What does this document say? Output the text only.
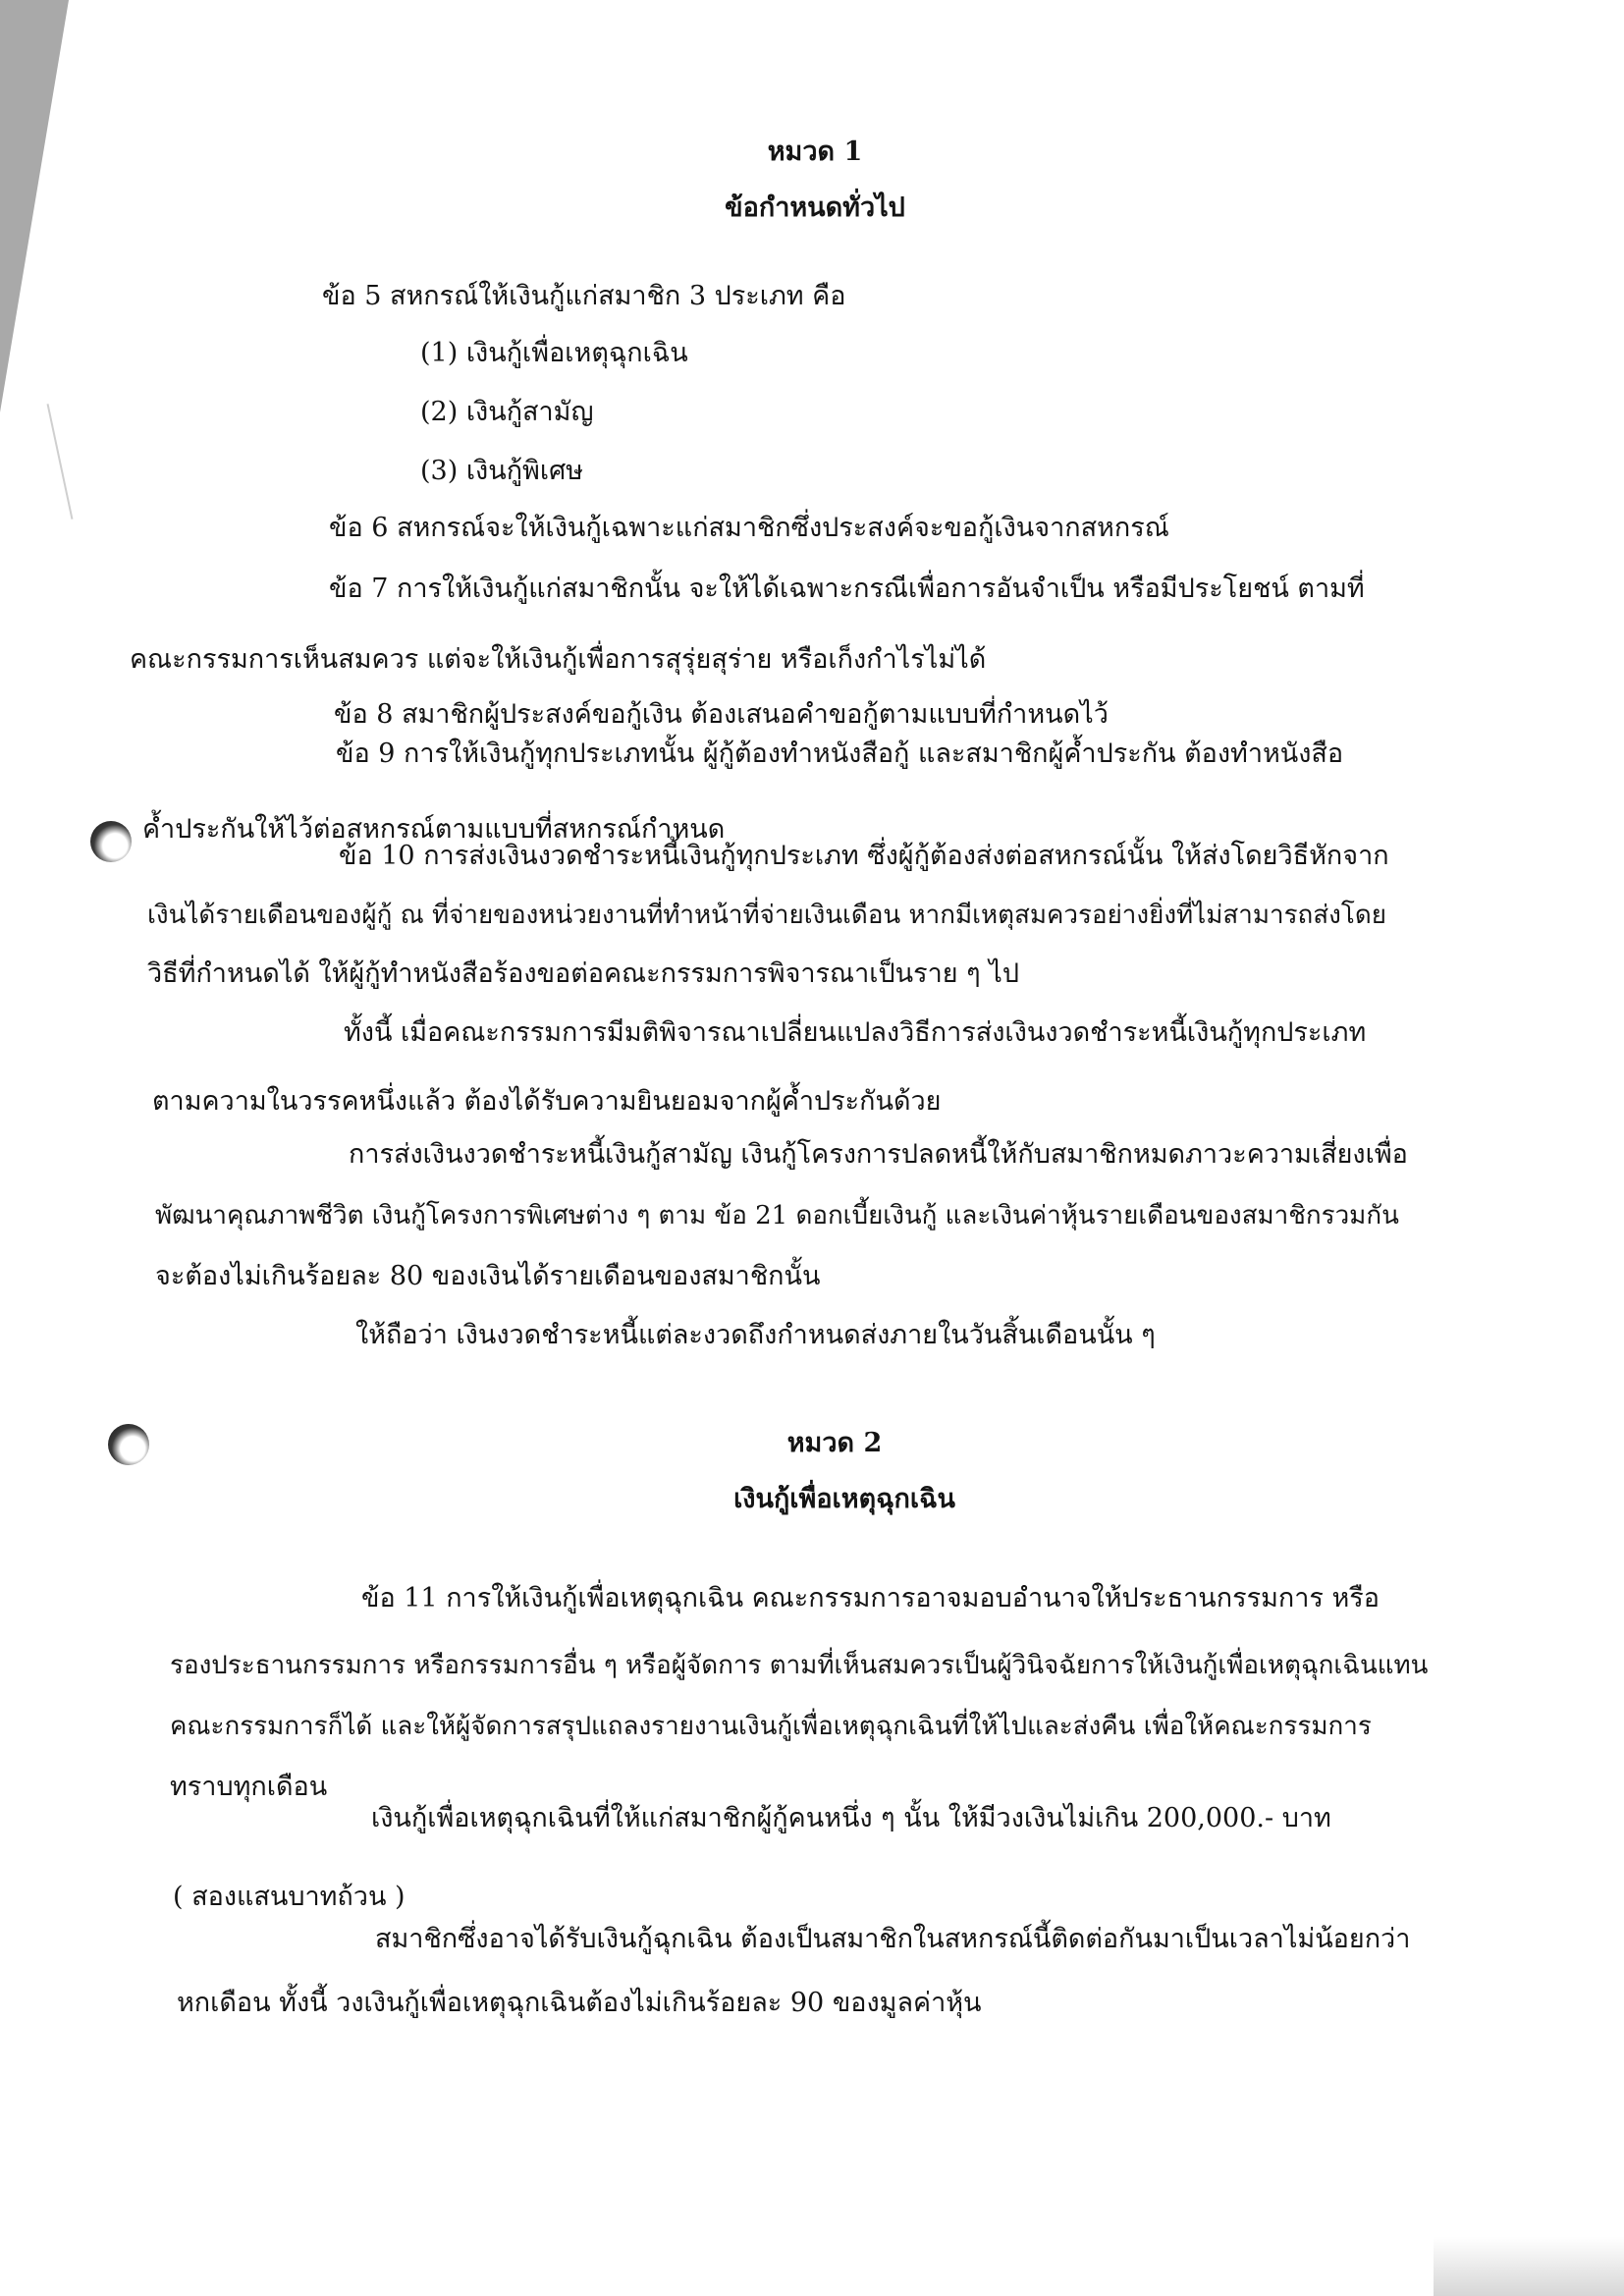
หมวด 1
ข้อกำหนดทั่วไป
ข้อ 5 สหกรณ์ให้เงินกู้แก่สมาชิก 3 ประเภท คือ
(1) เงินกู้เพื่อเหตุฉุกเฉิน
(2) เงินกู้สามัญ
(3) เงินกู้พิเศษ
ข้อ 6 สหกรณ์จะให้เงินกู้เฉพาะแก่สมาชิกซึ่งประสงค์จะขอกู้เงินจากสหกรณ์
ข้อ 7 การให้เงินกู้แก่สมาชิกนั้น จะให้ได้เฉพาะกรณีเพื่อการอันจำเป็น หรือมีประโยชน์ ตามที่
คณะกรรมการเห็นสมควร แต่จะให้เงินกู้เพื่อการสุรุ่ยสุร่าย หรือเก็งกำไรไม่ได้
ข้อ 8 สมาชิกผู้ประสงค์ขอกู้เงิน ต้องเสนอคำขอกู้ตามแบบที่กำหนดไว้
ข้อ 9 การให้เงินกู้ทุกประเภทนั้น ผู้กู้ต้องทำหนังสือกู้ และสมาชิกผู้ค้ำประกัน ต้องทำหนังสือ
ค้ำประกันให้ไว้ต่อสหกรณ์ตามแบบที่สหกรณ์กำหนด
ข้อ 10 การส่งเงินงวดชำระหนี้เงินกู้ทุกประเภท ซึ่งผู้กู้ต้องส่งต่อสหกรณ์นั้น ให้ส่งโดยวิธีหักจาก
เงินได้รายเดือนของผู้กู้ ณ ที่จ่ายของหน่วยงานที่ทำหน้าที่จ่ายเงินเดือน หากมีเหตุสมควรอย่างยิ่งที่ไม่สามารถส่งโดย
วิธีที่กำหนดได้ ให้ผู้กู้ทำหนังสือร้องขอต่อคณะกรรมการพิจารณาเป็นราย ๆ ไป
ทั้งนี้ เมื่อคณะกรรมการมีมติพิจารณาเปลี่ยนแปลงวิธีการส่งเงินงวดชำระหนี้เงินกู้ทุกประเภท
ตามความในวรรคหนึ่งแล้ว ต้องได้รับความยินยอมจากผู้ค้ำประกันด้วย
การส่งเงินงวดชำระหนี้เงินกู้สามัญ เงินกู้โครงการปลดหนี้ให้กับสมาชิกหมดภาวะความเสี่ยงเพื่อ
พัฒนาคุณภาพชีวิต เงินกู้โครงการพิเศษต่าง ๆ ตาม ข้อ 21 ดอกเบี้ยเงินกู้ และเงินค่าหุ้นรายเดือนของสมาชิกรวมกัน
จะต้องไม่เกินร้อยละ 80 ของเงินได้รายเดือนของสมาชิกนั้น
ให้ถือว่า เงินงวดชำระหนี้แต่ละงวดถึงกำหนดส่งภายในวันสิ้นเดือนนั้น ๆ
หมวด 2
เงินกู้เพื่อเหตุฉุกเฉิน
ข้อ 11 การให้เงินกู้เพื่อเหตุฉุกเฉิน คณะกรรมการอาจมอบอำนาจให้ประธานกรรมการ หรือ
รองประธานกรรมการ หรือกรรมการอื่น ๆ หรือผู้จัดการ ตามที่เห็นสมควรเป็นผู้วินิจฉัยการให้เงินกู้เพื่อเหตุฉุกเฉินแทน
คณะกรรมการก็ได้ และให้ผู้จัดการสรุปแถลงรายงานเงินกู้เพื่อเหตุฉุกเฉินที่ให้ไปและส่งคืน เพื่อให้คณะกรรมการ
ทราบทุกเดือน
เงินกู้เพื่อเหตุฉุกเฉินที่ให้แก่สมาชิกผู้กู้คนหนึ่ง ๆ นั้น ให้มีวงเงินไม่เกิน 200,000.- บาท
( สองแสนบาทถ้วน )
สมาชิกซึ่งอาจได้รับเงินกู้ฉุกเฉิน ต้องเป็นสมาชิกในสหกรณ์นี้ติดต่อกันมาเป็นเวลาไม่น้อยกว่า
หกเดือน ทั้งนี้ วงเงินกู้เพื่อเหตุฉุกเฉินต้องไม่เกินร้อยละ 90 ของมูลค่าหุ้น
